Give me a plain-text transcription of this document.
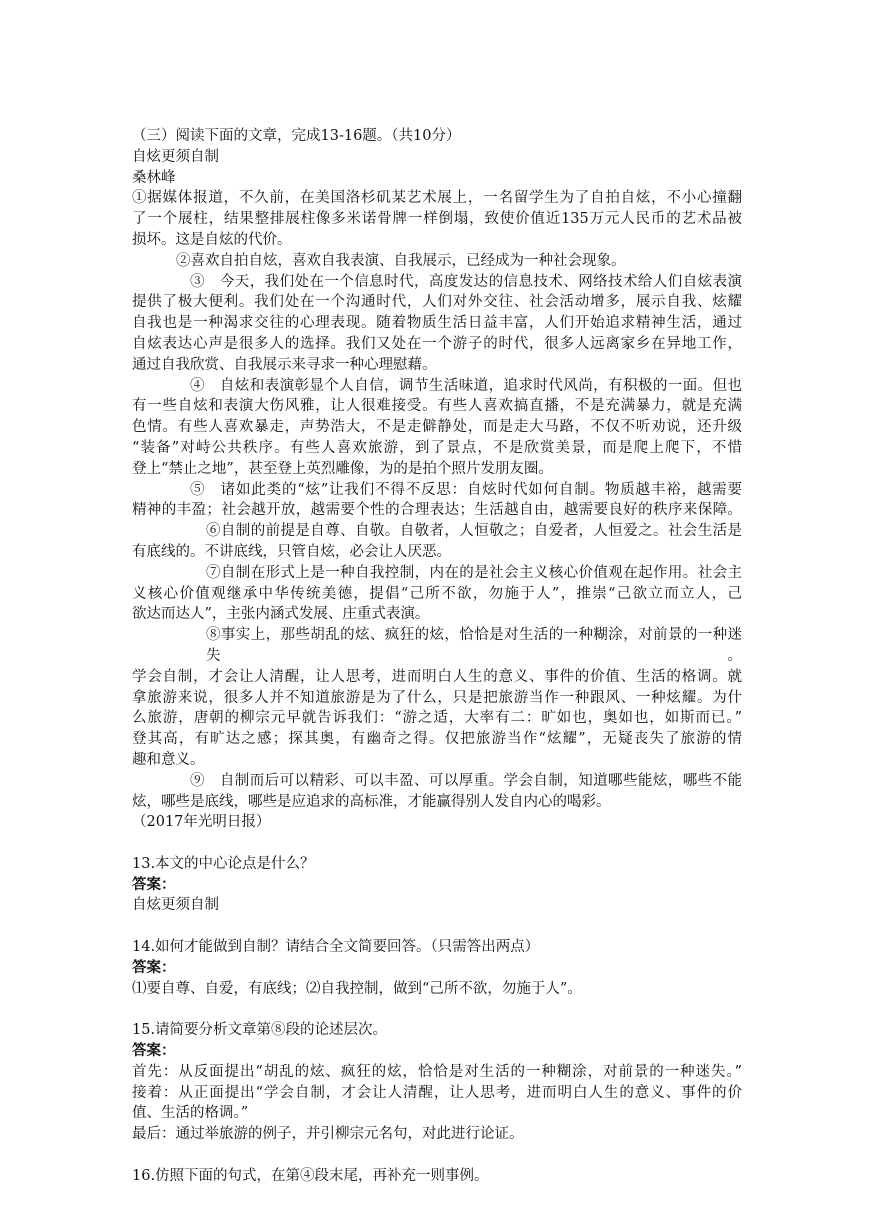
（三）阅读下面的文章，完成13-16题。（共10分）
自炫更须自制
桑林峰
①据媒体报道，不久前，在美国洛杉矶某艺术展上，一名留学生为了自拍自炫，不小心撞翻
了一个展柱，结果整排展柱像多米诺骨牌一样倒塌，致使价值近135万元人民币的艺术品被
损坏。这是自炫的代价。
②喜欢自拍自炫，喜欢自我表演、自我展示，已经成为一种社会现象。
③　今天，我们处在一个信息时代，高度发达的信息技术、网络技术给人们自炫表演
提供了极大便利。我们处在一个沟通时代，人们对外交往、社会活动增多，展示自我、炫耀
自我也是一种渴求交往的心理表现。随着物质生活日益丰富，人们开始追求精神生活，通过
自炫表达心声是很多人的选择。我们又处在一个游子的时代，很多人远离家乡在异地工作，
通过自我欣赏、自我展示来寻求一种心理慰藉。
④　自炫和表演彰显个人自信，调节生活味道，追求时代风尚，有积极的一面。但也
有一些自炫和表演大伤风雅，让人很难接受。有些人喜欢搞直播，不是充满暴力，就是充满
色情。有些人喜欢暴走，声势浩大，不是走僻静处，而是走大马路，不仅不听劝说，还升级
“装备”对峙公共秩序。有些人喜欢旅游，到了景点，不是欣赏美景，而是爬上爬下，不惜
登上“禁止之地”，甚至登上英烈雕像，为的是拍个照片发朋友圈。
⑤　诸如此类的“炫”让我们不得不反思：自炫时代如何自制。物质越丰裕，越需要
精神的丰盈；社会越开放，越需要个性的合理表达；生活越自由，越需要良好的秩序来保障。
⑥自制的前提是自尊、自敬。自敬者，人恒敬之；自爱者，人恒爱之。社会生活是
有底线的。不讲底线，只管自炫，必会让人厌恶。
⑦自制在形式上是一种自我控制，内在的是社会主义核心价值观在起作用。社会主
义核心价值观继承中华传统美德，提倡“己所不欲，勿施于人”，推崇“己欲立而立人，己
欲达而达人”，主张内涵式发展、庄重式表演。
⑧事实上，那些胡乱的炫、疯狂的炫，恰恰是对生活的一种糊涂，对前景的一种迷失。
学会自制，才会让人清醒，让人思考，进而明白人生的意义、事件的价值、生活的格调。就
拿旅游来说，很多人并不知道旅游是为了什么，只是把旅游当作一种跟风、一种炫耀。为什
么旅游，唐朝的柳宗元早就告诉我们：“游之适，大率有二：旷如也，奥如也，如斯而已。”
登其高，有旷达之感；探其奥，有幽奇之得。仅把旅游当作“炫耀”，无疑丧失了旅游的情
趣和意义。
⑨　自制而后可以精彩、可以丰盈、可以厚重。学会自制，知道哪些能炫，哪些不能
炫，哪些是底线，哪些是应追求的高标准，才能赢得别人发自内心的喝彩。
（2017年光明日报）
13.本文的中心论点是什么？
答案：
自炫更须自制
14.如何才能做到自制？请结合全文简要回答。（只需答出两点）
答案：
⑴要自尊、自爱，有底线；⑵自我控制，做到“己所不欲，勿施于人”。
15.请简要分析文章第⑧段的论述层次。
答案：
首先：从反面提出“胡乱的炫、疯狂的炫，恰恰是对生活的一种糊涂，对前景的一种迷失。”
接着：从正面提出“学会自制，才会让人清醒，让人思考，进而明白人生的意义、事件的价
值、生活的格调。”
最后：通过举旅游的例子，并引柳宗元名句，对此进行论证。
16.仿照下面的句式，在第④段末尾，再补充一则事例。
